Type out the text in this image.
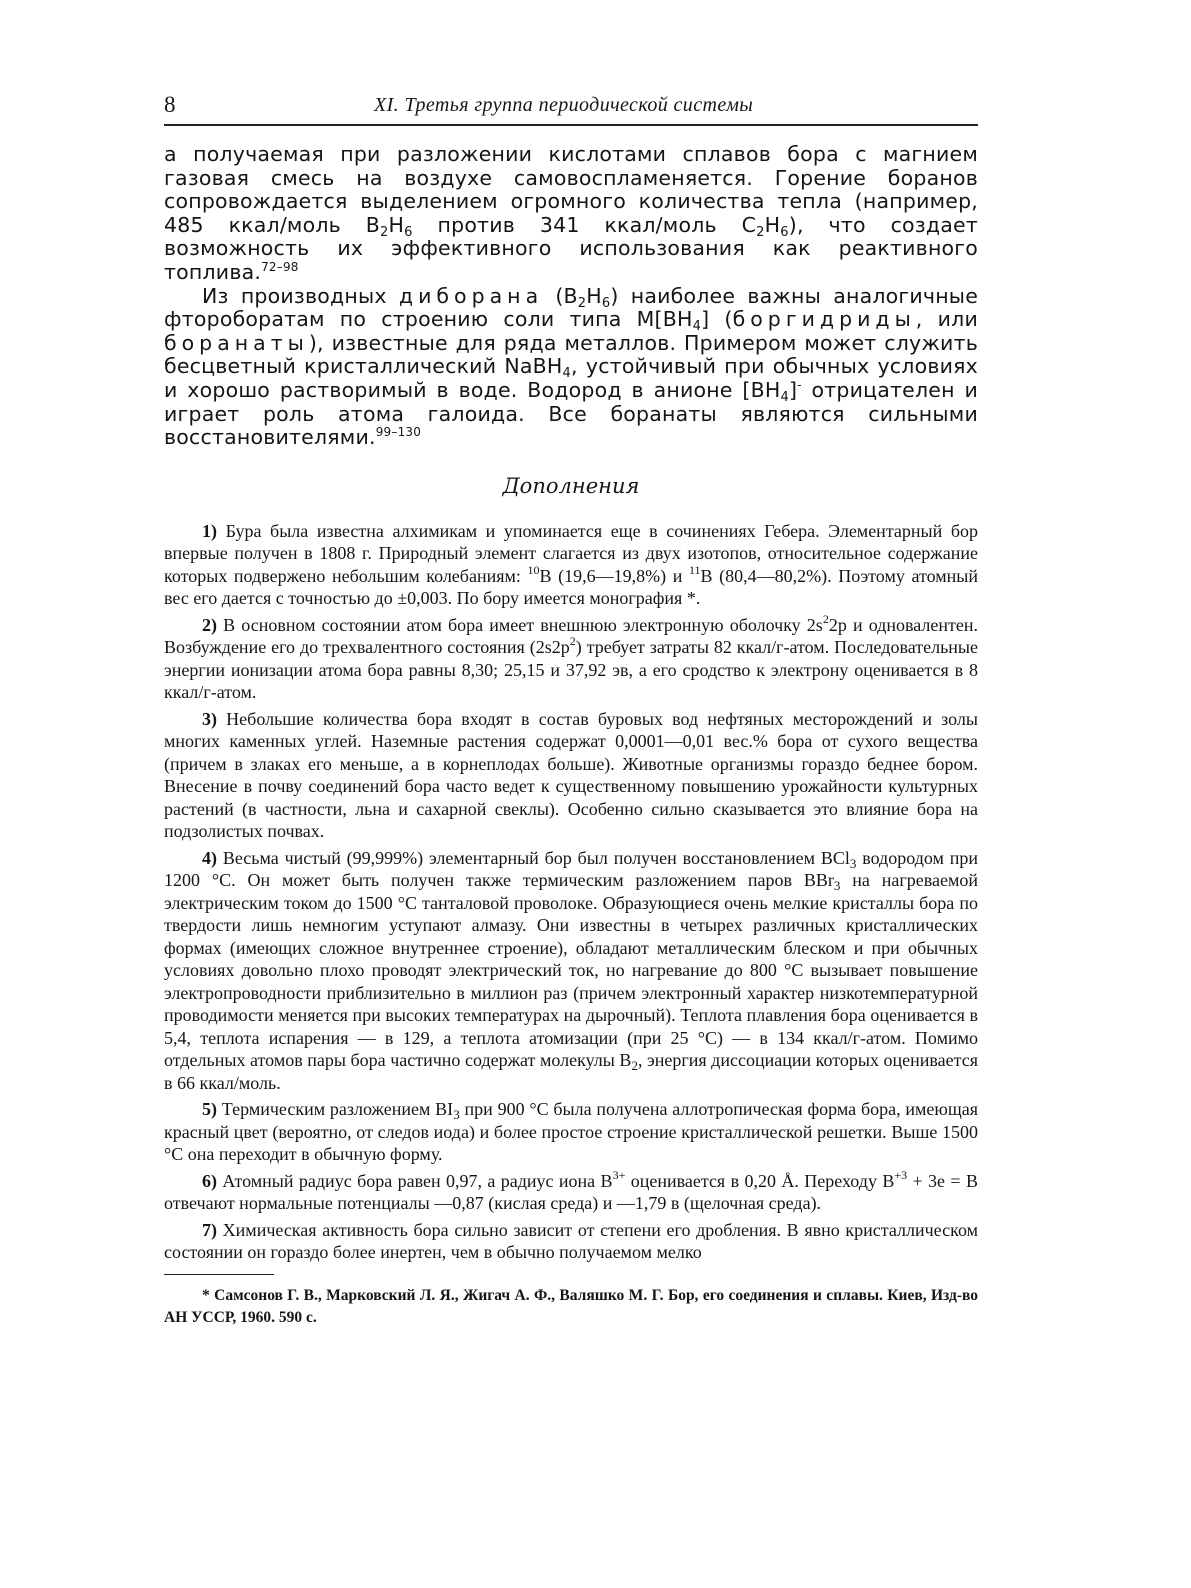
8	XI. Третья группа периодической системы

а получаемая при разложении кислотами сплавов бора с магнием газовая смесь на воздухе самовоспламеняется. Горение боранов сопровождается выделением огромного количества тепла (например, 485 ккал/моль $B_2H_6$ против 341 ккал/моль $C_2H_6$), что создает возможность их эффективного использования как реактивного топлива.$^{72-98}$

Из производных диборана $(B_2H_6)$ наиболее важны аналогичные фтороборатам по строению соли типа $M[BH_4]$ (боргидриды, или боранаты), известные для ряда металлов. Примером может служить бесцветный кристаллический NaBH$_4$, устойчивый при обычных условиях и хорошо растворимый в воде. Водород в анионе $[BH_4]^-$ отрицателен и играет роль атома галоида. Все боранаты являются сильными восстановителями.$^{99-130}$

Дополнения

1) Бура была известна алхимикам и упоминается еще в сочинениях Гебера. Элементарный бор впервые получен в 1808 г. Природный элемент слагается из двух изотопов, относительное содержание которых подвержено небольшим колебаниям: $^{10}$B (19,6—19,8%) и $^{11}$B (80,4—80,2%). Поэтому атомный вес его дается с точностью до ±0,003. По бору имеется монография *.

2) В основном состоянии атом бора имеет внешнюю электронную оболочку $2s^22p$ и одновалентен. Возбуждение его до трехвалентного состояния $(2s2p^2)$ требует затраты 82 ккал/г-атом. Последовательные энергии ионизации атома бора равны 8,30; 25,15 и 37,92 эв, а его сродство к электрону оценивается в 8 ккал/г-атом.

3) Небольшие количества бора входят в состав буровых вод нефтяных месторождений и золы многих каменных углей. Наземные растения содержат 0,0001—0,01 вес.% бора от сухого вещества (причем в злаках его меньше, а в корнеплодах больше). Животные организмы гораздо беднее бором. Внесение в почву соединений бора часто ведет к существенному повышению урожайности культурных растений (в частности, льна и сахарной свеклы). Особенно сильно сказывается это влияние бора на подзолистых почвах.

4) Весьма чистый (99,999%) элементарный бор был получен восстановлением BCl$_3$ водородом при 1200 °C. Он может быть получен также термическим разложением паров BBr$_3$ на нагреваемой электрическим током до 1500 °C танталовой проволоке. Образующиеся очень мелкие кристаллы бора по твердости лишь немногим уступают алмазу. Они известны в четырех различных кристаллических формах (имеющих сложное внутреннее строение), обладают металлическим блеском и при обычных условиях довольно плохо проводят электрический ток, но нагревание до 800 °C вызывает повышение электропроводности приблизительно в миллион раз (причем электронный характер низкотемпературной проводимости меняется при высоких температурах на дырочный). Теплота плавления бора оценивается в 5,4, теплота испарения — в 129, а теплота атомизации (при 25 °C) — в 134 ккал/г-атом. Помимо отдельных атомов пары бора частично содержат молекулы $B_2$, энергия диссоциации которых оценивается в 66 ккал/моль.

5) Термическим разложением $BI_3$ при 900 °C была получена аллотропическая форма бора, имеющая красный цвет (вероятно, от следов иода) и более простое строение кристаллической решетки. Выше 1500 °C она переходит в обычную форму.

6) Атомный радиус бора равен 0,97, а радиус иона $B^{3+}$ оценивается в 0,20 Å. Переходу $B^{+3} + 3e = B$ отвечают нормальные потенциалы —0,87 (кислая среда) и —1,79 в (щелочная среда).

7) Химическая активность бора сильно зависит от степени его дробления. В явно кристаллическом состоянии он гораздо более инертен, чем в обычно получаемом мелко

* Самсонов Г. В., Марковский Л. Я., Жигач А. Ф., Валяшко М. Г. Бор, его соединения и сплавы. Киев, Изд-во АН УССР, 1960. 590 с.
